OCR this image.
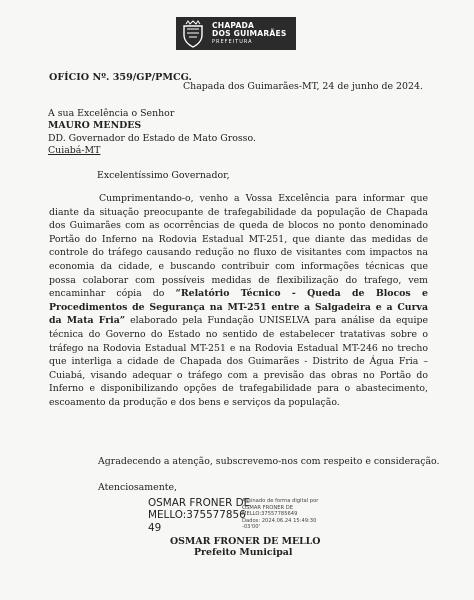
CHAPADA
DOS GUIMARÃES
PREFEITURA
OFÍCIO Nº. 359/GP/PMCG.
Chapada dos Guimarães-MT, 24 de junho de 2024.
A sua Excelência o Senhor
MAURO MENDES
DD. Governador do Estado de Mato Grosso.
Cuiabá-MT
Excelentíssimo Governador,

Cumprimentando-o, venho a Vossa Excelência para informar que diante da situação preocupante de trafegabilidade da população de Chapada dos Guimarães com as ocorrências de queda de blocos no ponto denominado Portão do Inferno na Rodovia Estadual MT-251, que diante das medidas de controle do tráfego causando redução no fluxo de visitantes com impactos na economia da cidade, e buscando contribuir com informações técnicas que possa colaborar com possíveis medidas de flexibilização do trafego, vem encaminhar cópia do “Relatório Técnico - Queda de Blocos e Procedimentos de Segurança na MT-251 entre a Salgadeira e a Curva da Mata Fria” elaborado pela Fundação UNISELVA para análise da equipe técnica do Governo do Estado no sentido de estabelecer tratativas sobre o tráfego na Rodovia Estadual MT-251 e na Rodovia Estadual MT-246 no trecho que interliga a cidade de Chapada dos Guimarães - Distrito de Água Fria – Cuiabá, visando adequar o tráfego com a previsão das obras no Portão do Inferno e disponibilizando opções de trafegabilidade para o abastecimento, escoamento da produção e dos bens e serviços da população.

Agradecendo a atenção, subscrevemo-nos com respeito e consideração.
Atenciosamente,
OSMAR FRONER DE
MELLO:375577856
49
Assinado de forma digital por
OSMAR FRONER DE
MELLO:37557785649
Dados: 2024.06.24 15:49:30
-03'00'
OSMAR FRONER DE MELLO
Prefeito Municipal
